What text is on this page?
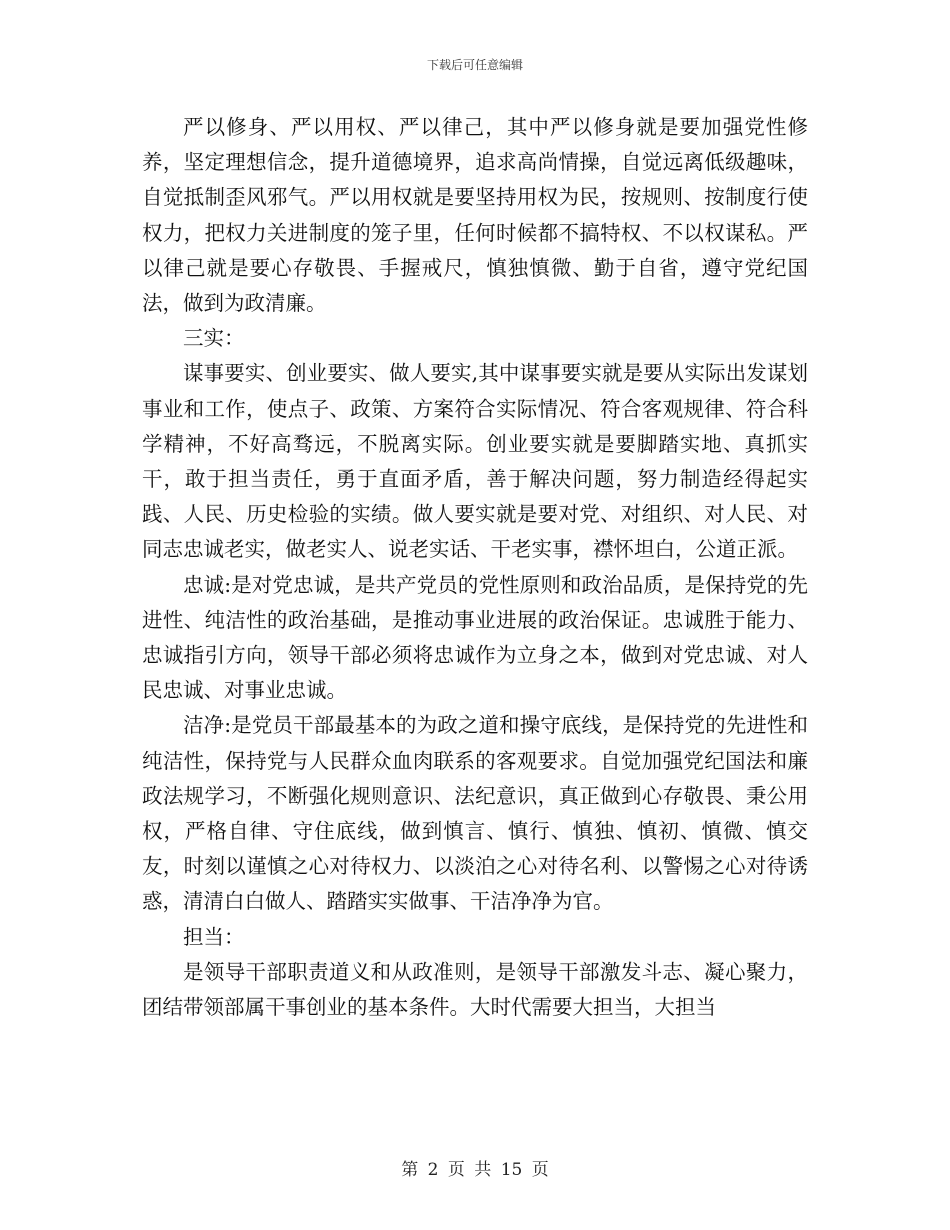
下载后可任意编辑

严以修身、严以用权、严以律己，其中严以修身就是要加强党性修养，坚定理想信念，提升道德境界，追求高尚情操，自觉远离低级趣味，自觉抵制歪风邪气。严以用权就是要坚持用权为民，按规则、按制度行使权力，把权力关进制度的笼子里，任何时候都不搞特权、不以权谋私。严以律己就是要心存敬畏、手握戒尺，慎独慎微、勤于自省，遵守党纪国法，做到为政清廉。

三实：

谋事要实、创业要实、做人要实,其中谋事要实就是要从实际出发谋划事业和工作，使点子、政策、方案符合实际情况、符合客观规律、符合科学精神，不好高骛远，不脱离实际。创业要实就是要脚踏实地、真抓实干，敢于担当责任，勇于直面矛盾，善于解决问题，努力制造经得起实践、人民、历史检验的实绩。做人要实就是要对党、对组织、对人民、对同志忠诚老实，做老实人、说老实话、干老实事，襟怀坦白，公道正派。

忠诚:是对党忠诚，是共产党员的党性原则和政治品质，是保持党的先进性、纯洁性的政治基础，是推动事业进展的政治保证。忠诚胜于能力、忠诚指引方向，领导干部必须将忠诚作为立身之本，做到对党忠诚、对人民忠诚、对事业忠诚。

洁净:是党员干部最基本的为政之道和操守底线，是保持党的先进性和纯洁性，保持党与人民群众血肉联系的客观要求。自觉加强党纪国法和廉政法规学习，不断强化规则意识、法纪意识，真正做到心存敬畏、秉公用权，严格自律、守住底线，做到慎言、慎行、慎独、慎初、慎微、慎交友，时刻以谨慎之心对待权力、以淡泊之心对待名利、以警惕之心对待诱惑，清清白白做人、踏踏实实做事、干洁净净为官。

担当：

是领导干部职责道义和从政准则，是领导干部激发斗志、凝心聚力，团结带领部属干事创业的基本条件。大时代需要大担当，大担当

第 2 页 共 15 页
